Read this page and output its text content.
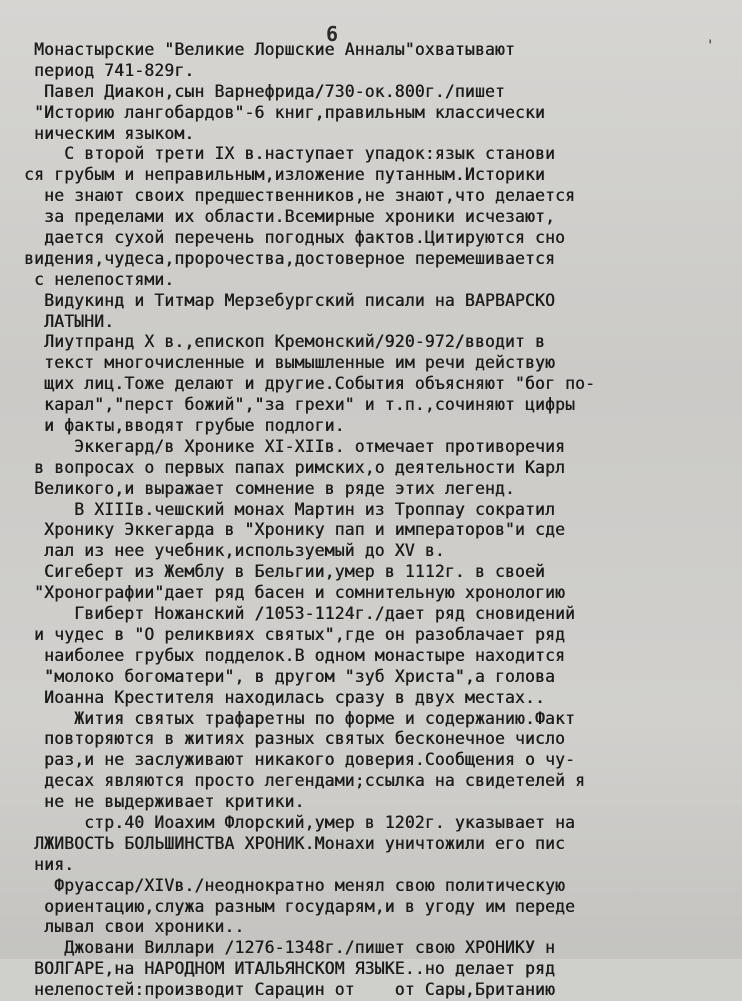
6	'
Монастырские "Великие Лоршские Анналы"охватывают
период 741-829г.
Павел Диакон,сын Варнефрида/730-ок.800г./пишет
"Историю лангобардов"-6 книг,правильным классически
ническим языком.
С второй трети IX в.наступает упадок:язык станови
ся грубым и неправильным,изложение путанным.Историки
не знают своих предшественников,не знают,что делается
за пределами их области.Всемирные хроники исчезают,
дается сухой перечень погодных фактов.Цитируются сно
видения,чудеса,пророчества,достоверное перемешивается
с нелепостями.
Видукинд и Титмар Мерзебургский писали на ВАРВАРСКО
ЛАТЫНИ.
Лиутпранд X в.,епископ Кремонский/920-972/вводит в
текст многочисленные и вымышленные им речи действую
щих лиц.Тоже делают и другие.События объясняют "бог по-
карал","перст божий","за грехи" и т.п.,сочиняют цифры
и факты,вводят грубые подлоги.
Эккегард/в Хронике XI-XIIв. отмечает противоречия
в вопросах о первых папах римских,о деятельности Карл
Великого,и выражает сомнение в ряде этих легенд.
В XIIIв.чешский монах Мартин из Троппау сократил
Хронику Эккегарда в "Хронику пап и императоров"и сде
лал из нее учебник,используемый до XV в.
Сигеберт из Жемблу в Бельгии,умер в 1112г. в своей
"Хронографии"дает ряд басен и сомнительную хронологию
Гвиберт Ножанский /1053-1124г./дает ряд сновидений
и чудес в "О реликвиях святых",где он разоблачает ряд
наиболее грубых подделок.В одном монастыре находится
"молоко богоматери", в другом "зуб Христа",а голова
Иоанна Крестителя находилась сразу в двух местах..
Жития святых трафаретны по форме и содержанию.Факт
повторяются в житиях разных святых бесконечное число
раз,и не заслуживают никакого доверия.Сообщения о чу-
десах являются просто легендами;ссылка на свидетелей я
не не выдерживает критики.
стр.40 Иоахим Флорский,умер в 1202г. указывает на
ЛЖИВОСТЬ БОЛЬШИНСТВА ХРОНИК.Монахи уничтожили его пис
ния.
Фруассар/XIVв./неоднократно менял свою политическую
ориентацию,служа разным государям,и в угоду им переде
лывал свои хроники..
Джовани Виллари /1276-1348г./пишет свою ХРОНИКУ н
ВОЛГАРЕ,на НАРОДНОМ ИТАЛЬЯНСКОМ ЯЗЫКЕ..но делает ряд
нелепостей:производит Сарацин от    от Сары,Британию
